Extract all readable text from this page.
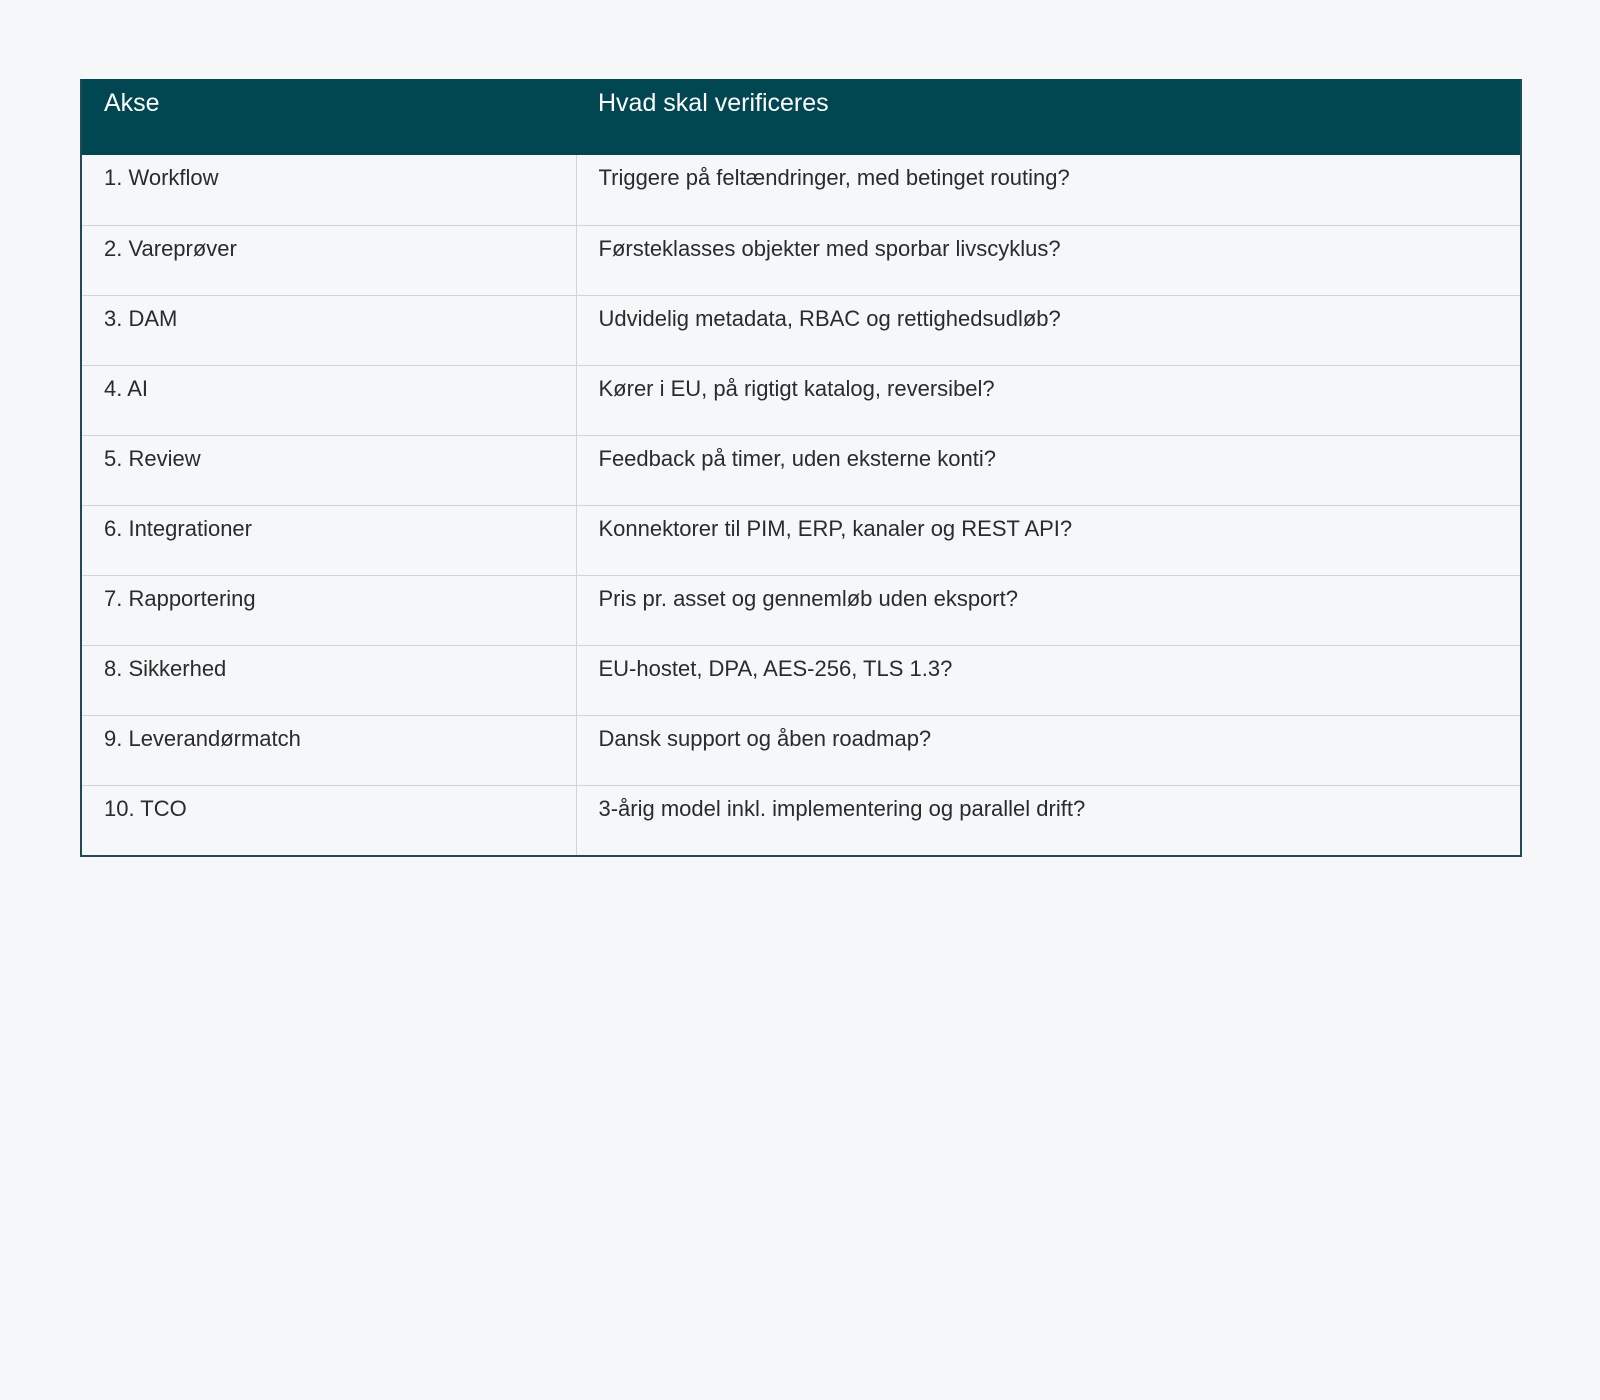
Akse	Hvad skal verificeres
1. Workflow	Triggere på feltændringer, med betinget routing?
2. Vareprøver	Førsteklasses objekter med sporbar livscyklus?
3. DAM	Udvidelig metadata, RBAC og rettighedsudløb?
4. AI	Kører i EU, på rigtigt katalog, reversibel?
5. Review	Feedback på timer, uden eksterne konti?
6. Integrationer	Konnektorer til PIM, ERP, kanaler og REST API?
7. Rapportering	Pris pr. asset og gennemløb uden eksport?
8. Sikkerhed	EU-hostet, DPA, AES-256, TLS 1.3?
9. Leverandørmatch	Dansk support og åben roadmap?
10. TCO	3-årig model inkl. implementering og parallel drift?
